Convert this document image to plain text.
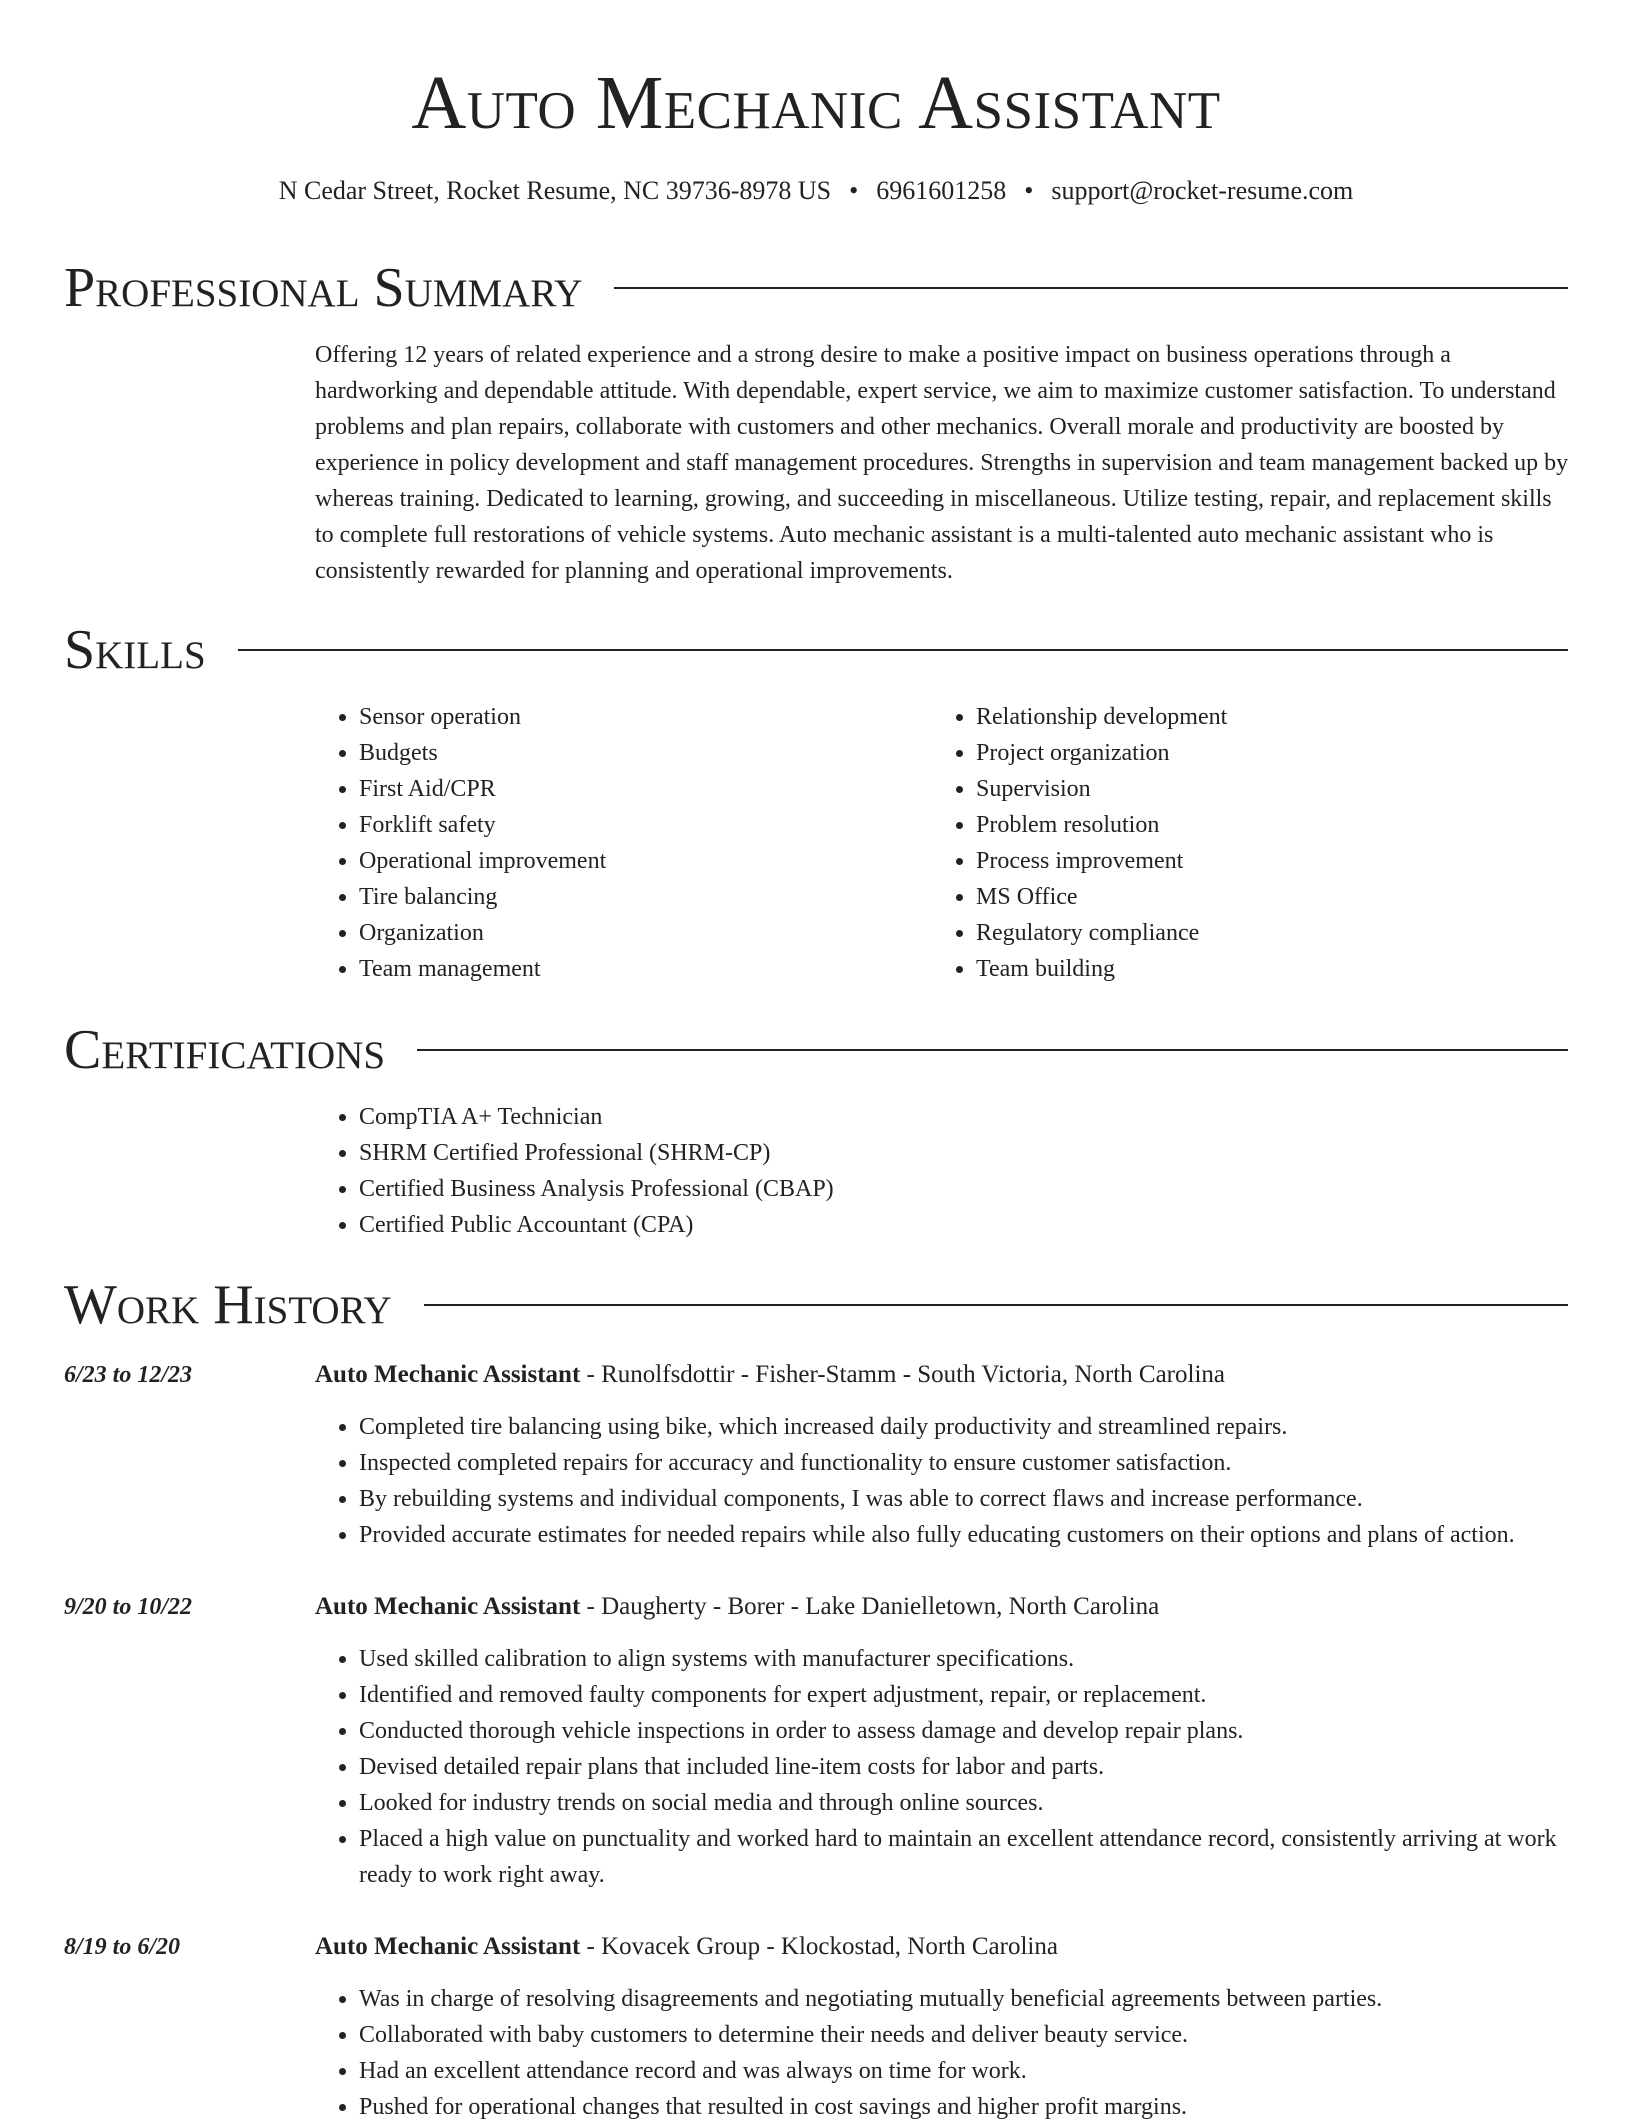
Auto Mechanic Assistant
N Cedar Street, Rocket Resume, NC 39736-8978 US • 6961601258 • support@rocket-resume.com
Professional Summary

Offering 12 years of related experience and a strong desire to make a positive impact on business operations through a hardworking and dependable attitude. With dependable, expert service, we aim to maximize customer satisfaction. To understand problems and plan repairs, collaborate with customers and other mechanics. Overall morale and productivity are boosted by experience in policy development and staff management procedures. Strengths in supervision and team management backed up by whereas training. Dedicated to learning, growing, and succeeding in miscellaneous. Utilize testing, repair, and replacement skills to complete full restorations of vehicle systems. Auto mechanic assistant is a multi-talented auto mechanic assistant who is consistently rewarded for planning and operational improvements.

Skills
• Sensor operation
• Budgets
• First Aid/CPR
• Forklift safety
• Operational improvement
• Tire balancing
• Organization
• Team management
• Relationship development
• Project organization
• Supervision
• Problem resolution
• Process improvement
• MS Office
• Regulatory compliance
• Team building
Certifications
• CompTIA A+ Technician
• SHRM Certified Professional (SHRM-CP)
• Certified Business Analysis Professional (CBAP)
• Certified Public Accountant (CPA)
Work History
6/23 to 12/23	Auto Mechanic Assistant - Runolfsdottir - Fisher-Stamm - South Victoria, North Carolina
• Completed tire balancing using bike, which increased daily productivity and streamlined repairs.
• Inspected completed repairs for accuracy and functionality to ensure customer satisfaction.
• By rebuilding systems and individual components, I was able to correct flaws and increase performance.
• Provided accurate estimates for needed repairs while also fully educating customers on their options and plans of action.
9/20 to 10/22	Auto Mechanic Assistant - Daugherty - Borer - Lake Danielletown, North Carolina
• Used skilled calibration to align systems with manufacturer specifications.
• Identified and removed faulty components for expert adjustment, repair, or replacement.
• Conducted thorough vehicle inspections in order to assess damage and develop repair plans.
• Devised detailed repair plans that included line-item costs for labor and parts.
• Looked for industry trends on social media and through online sources.
• Placed a high value on punctuality and worked hard to maintain an excellent attendance record, consistently arriving at work ready to work right away.
8/19 to 6/20	Auto Mechanic Assistant - Kovacek Group - Klockostad, North Carolina
• Was in charge of resolving disagreements and negotiating mutually beneficial agreements between parties.
• Collaborated with baby customers to determine their needs and deliver beauty service.
• Had an excellent attendance record and was always on time for work.
• Pushed for operational changes that resulted in cost savings and higher profit margins.
